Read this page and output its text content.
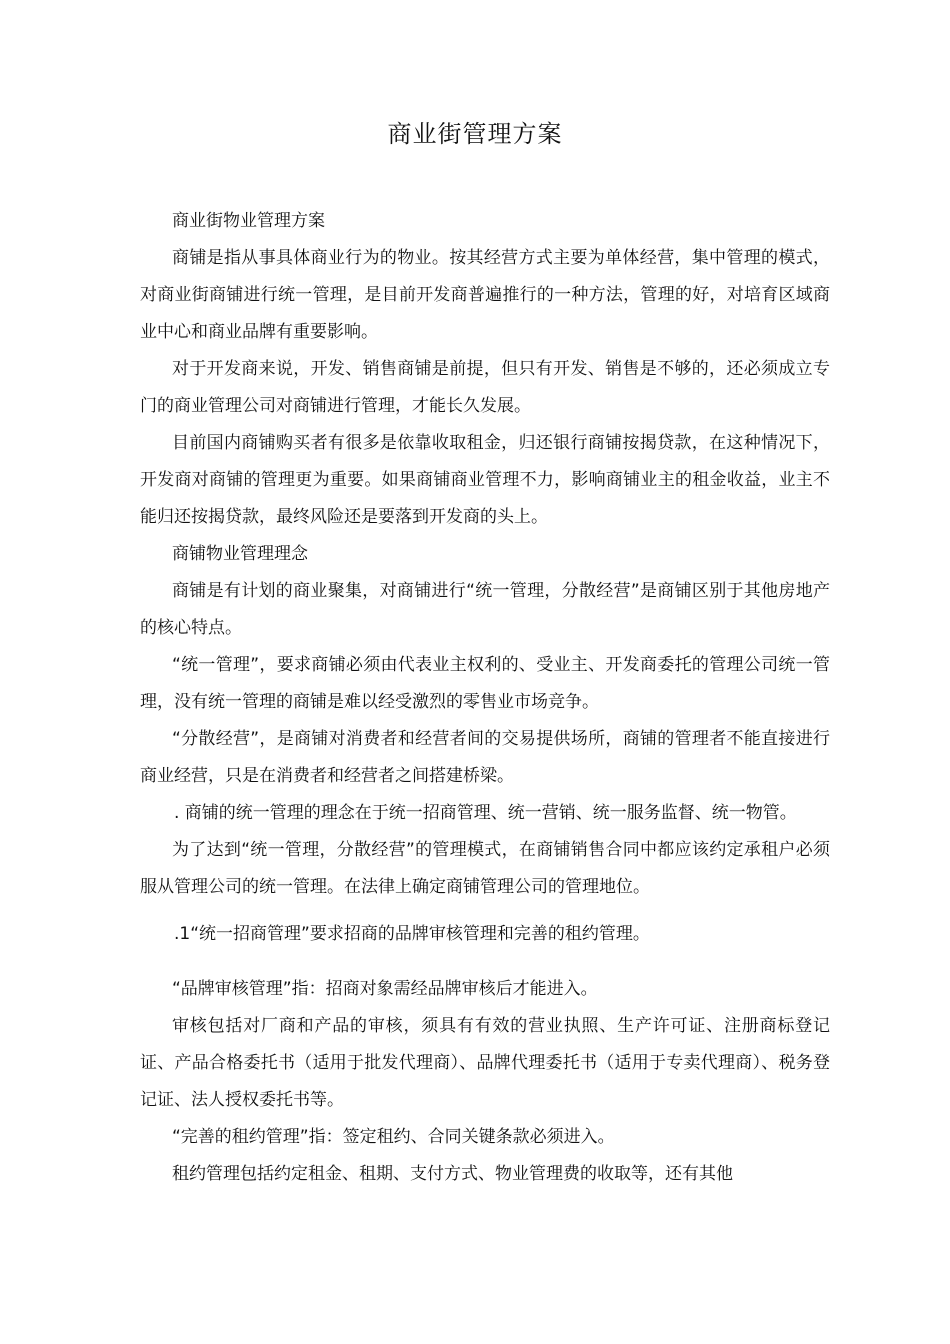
商业街管理方案

商业街物业管理方案

商铺是指从事具体商业行为的物业。按其经营方式主要为单体经营，集中管理的模式，对商业街商铺进行统一管理，是目前开发商普遍推行的一种方法，管理的好，对培育区域商业中心和商业品牌有重要影响。

对于开发商来说，开发、销售商铺是前提，但只有开发、销售是不够的，还必须成立专门的商业管理公司对商铺进行管理，才能长久发展。

目前国内商铺购买者有很多是依靠收取租金，归还银行商铺按揭贷款，在这种情况下，开发商对商铺的管理更为重要。如果商铺商业管理不力，影响商铺业主的租金收益，业主不能归还按揭贷款，最终风险还是要落到开发商的头上。

商铺物业管理理念

商铺是有计划的商业聚集，对商铺进行“统一管理，分散经营”是商铺区别于其他房地产的核心特点。

“统一管理”，要求商铺必须由代表业主权利的、受业主、开发商委托的管理公司统一管理，没有统一管理的商铺是难以经受激烈的零售业市场竞争。

“分散经营”，是商铺对消费者和经营者间的交易提供场所，商铺的管理者不能直接进行商业经营，只是在消费者和经营者之间搭建桥梁。

. 商铺的统一管理的理念在于统一招商管理、统一营销、统一服务监督、统一物管。

为了达到“统一管理，分散经营”的管理模式，在商铺销售合同中都应该约定承租户必须服从管理公司的统一管理。在法律上确定商铺管理公司的管理地位。

.1“统一招商管理”要求招商的品牌审核管理和完善的租约管理。

“品牌审核管理”指：招商对象需经品牌审核后才能进入。

审核包括对厂商和产品的审核，须具有有效的营业执照、生产许可证、注册商标登记证、产品合格委托书（适用于批发代理商）、品牌代理委托书（适用于专卖代理商）、税务登记证、法人授权委托书等。

“完善的租约管理”指：签定租约、合同关键条款必须进入。

租约管理包括约定租金、租期、支付方式、物业管理费的收取等，还有其他
